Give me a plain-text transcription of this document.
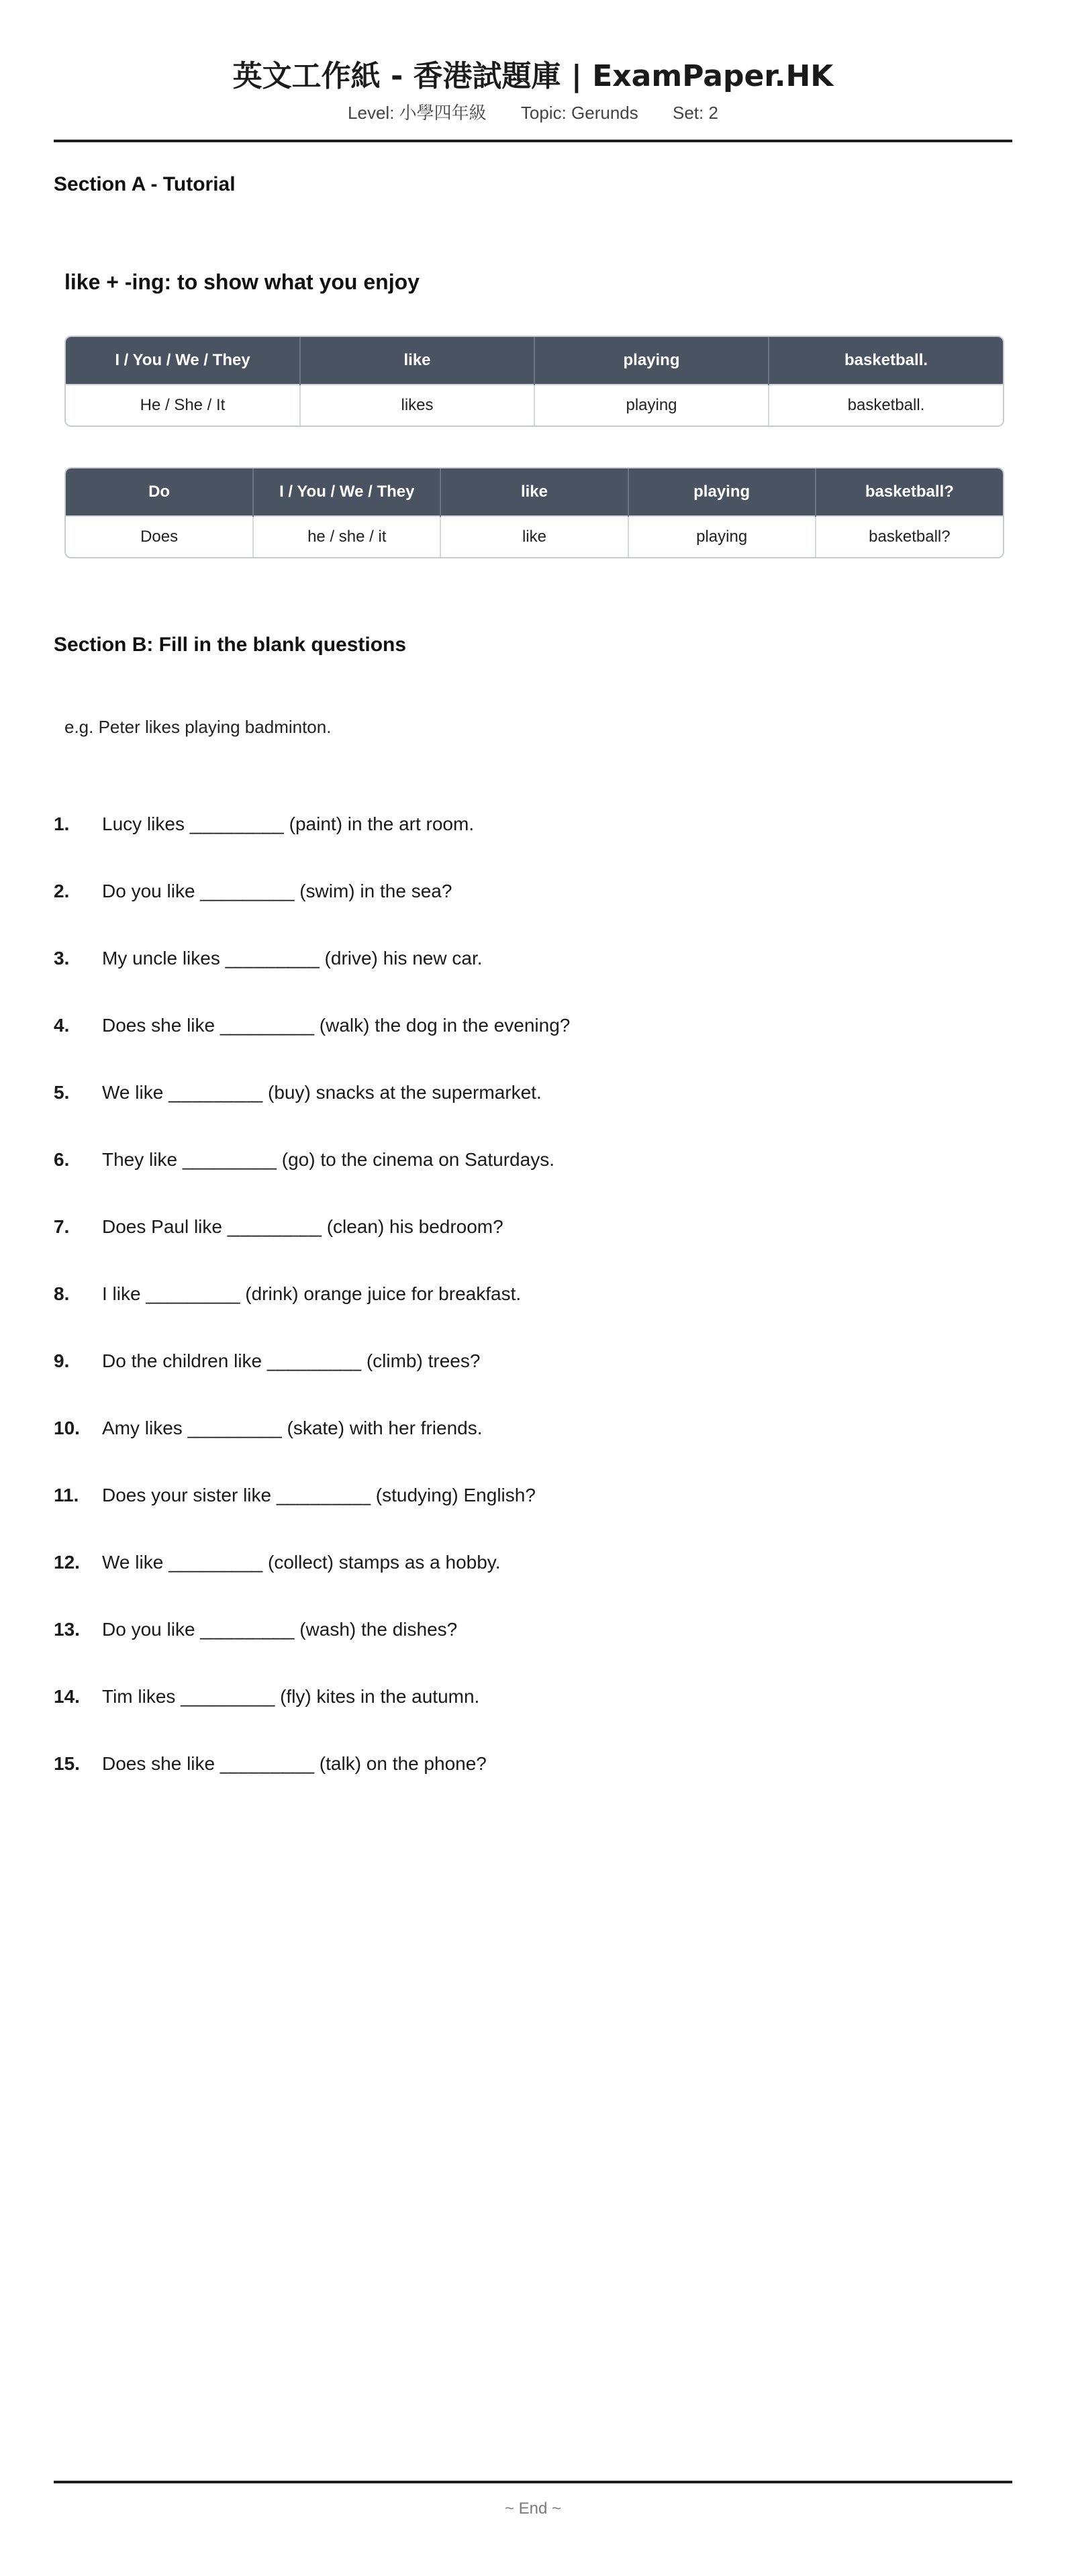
英文工作紙 - 香港試題庫 | ExamPaper.HK
Level: 小學四年級 Topic: Gerunds Set: 2
Section A - Tutorial
like + -ing: to show what you enjoy
I / You / We / They	like	playing	basketball.
He / She / It	likes	playing	basketball.
Do	I / You / We / They	like	playing	basketball?
Does	he / she / it	like	playing	basketball?
Section B: Fill in the blank questions
e.g. Peter likes playing badminton.
1.	Lucy likes _________ (paint) in the art room.
2.	Do you like _________ (swim) in the sea?
3.	My uncle likes _________ (drive) his new car.
4.	Does she like _________ (walk) the dog in the evening?
5.	We like _________ (buy) snacks at the supermarket.
6.	They like _________ (go) to the cinema on Saturdays.
7.	Does Paul like _________ (clean) his bedroom?
8.	I like _________ (drink) orange juice for breakfast.
9.	Do the children like _________ (climb) trees?
10.	Amy likes _________ (skate) with her friends.
11.	Does your sister like _________ (studying) English?
12.	We like _________ (collect) stamps as a hobby.
13.	Do you like _________ (wash) the dishes?
14.	Tim likes _________ (fly) kites in the autumn.
15.	Does she like _________ (talk) on the phone?
~ End ~
